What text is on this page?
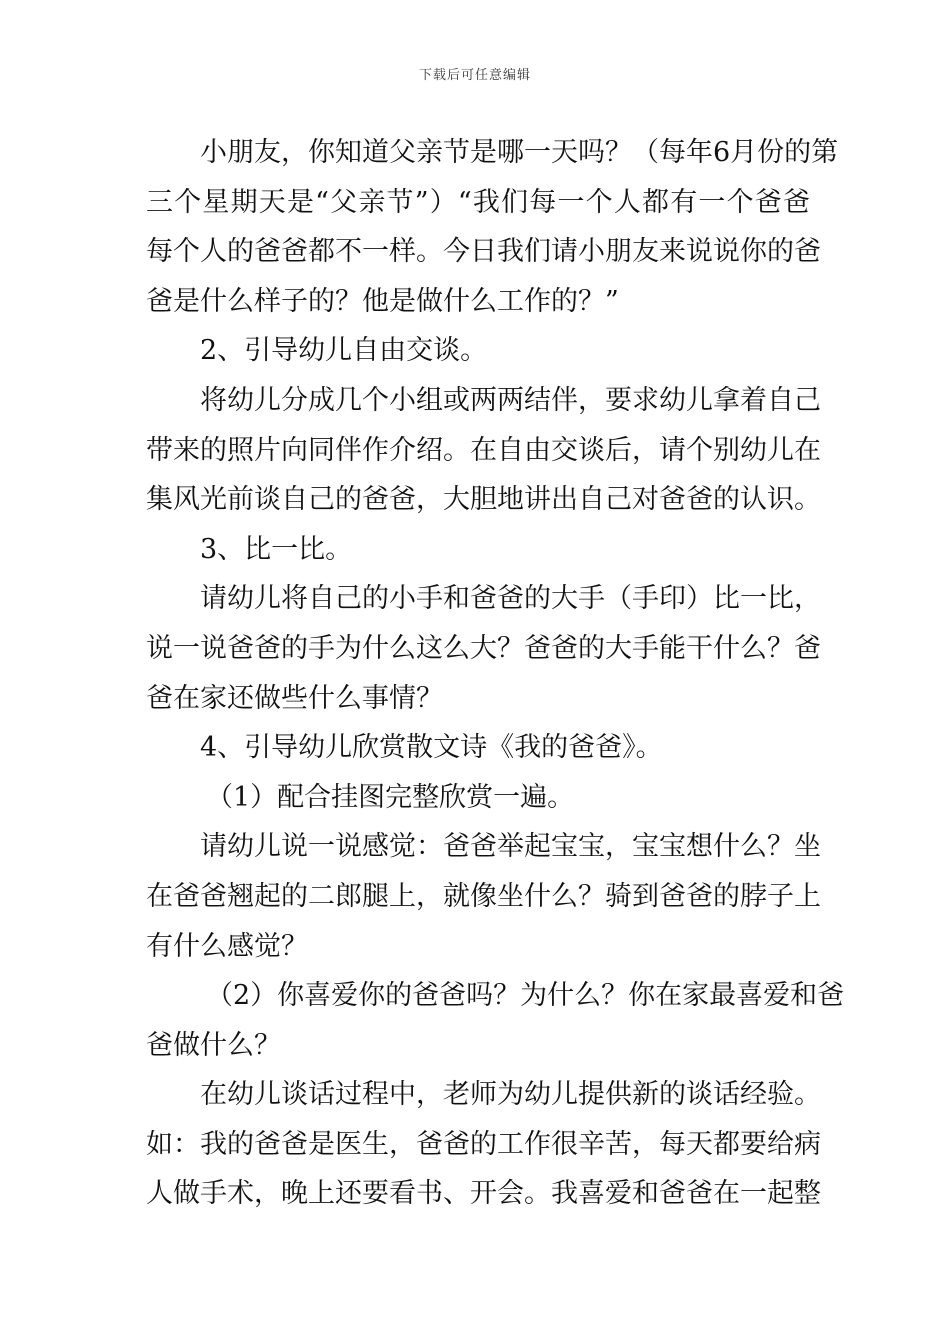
下载后可任意编辑
小朋友，你知道父亲节是哪一天吗？（每年6月份的第
三个星期天是“父亲节”）“我们每一个人都有一个爸爸
每个人的爸爸都不一样。今日我们请小朋友来说说你的爸
爸是什么样子的？他是做什么工作的？”
2、引导幼儿自由交谈。
将幼儿分成几个小组或两两结伴，要求幼儿拿着自己
带来的照片向同伴作介绍。在自由交谈后，请个别幼儿在
集风光前谈自己的爸爸，大胆地讲出自己对爸爸的认识。
3、比一比。
请幼儿将自己的小手和爸爸的大手（手印）比一比，
说一说爸爸的手为什么这么大？爸爸的大手能干什么？爸
爸在家还做些什么事情？
4、引导幼儿欣赏散文诗《我的爸爸》。
（1）配合挂图完整欣赏一遍。
请幼儿说一说感觉：爸爸举起宝宝，宝宝想什么？坐
在爸爸翘起的二郎腿上，就像坐什么？骑到爸爸的脖子上
有什么感觉？
（2）你喜爱你的爸爸吗？为什么？你在家最喜爱和爸
爸做什么？
在幼儿谈话过程中，老师为幼儿提供新的谈话经验。
如：我的爸爸是医生，爸爸的工作很辛苦，每天都要给病
人做手术，晚上还要看书、开会。我喜爱和爸爸在一起整
